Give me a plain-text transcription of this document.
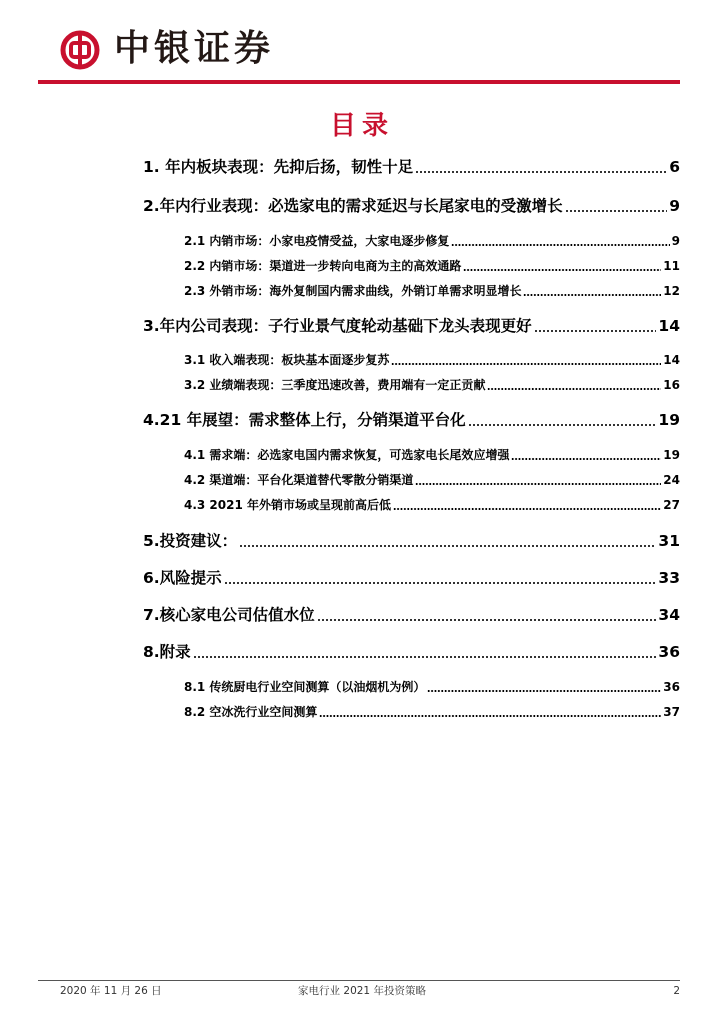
中银证券
目录
1. 年内板块表现：先抑后扬，韧性十足	6
2.年内行业表现：必选家电的需求延迟与长尾家电的受激增长	9
2.1 内销市场：小家电疫情受益，大家电逐步修复	9
2.2 内销市场：渠道进一步转向电商为主的高效通路	11
2.3 外销市场：海外复制国内需求曲线，外销订单需求明显增长	12
3.年内公司表现：子行业景气度轮动基础下龙头表现更好	14
3.1 收入端表现：板块基本面逐步复苏	14
3.2 业绩端表现：三季度迅速改善，费用端有一定正贡献	16
4.21 年展望：需求整体上行，分销渠道平台化	19
4.1 需求端：必选家电国内需求恢复，可选家电长尾效应增强	19
4.2 渠道端：平台化渠道替代零散分销渠道	24
4.3 2021 年外销市场或呈现前高后低	27
5.投资建议：	31
6.风险提示	33
7.核心家电公司估值水位	34
8.附录	36
8.1 传统厨电行业空间测算（以油烟机为例）	36
8.2 空冰洗行业空间测算	37
2020 年 11 月 26 日	家电行业 2021 年投资策略	2
